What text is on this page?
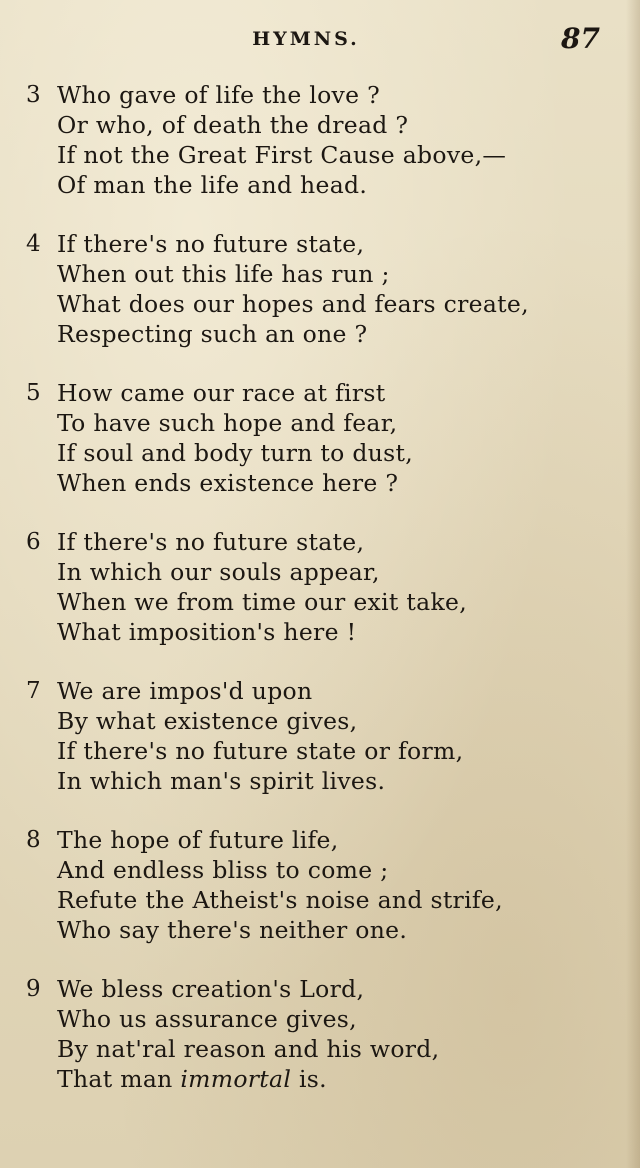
HYMNS.	87
3 Who gave of life the love ?
Or who, of death the dread ?
If not the Great First Cause above,—
Of man the life and head.
4 If there's no future state,
When out this life has run ;
What does our hopes and fears create,
Respecting such an one ?
5 How came our race at first
To have such hope and fear,
If soul and body turn to dust,
When ends existence here ?
6 If there's no future state,
In which our souls appear,
When we from time our exit take,
What imposition's here !
7 We are impos'd upon
By what existence gives,
If there's no future state or form,
In which man's spirit lives.
8 The hope of future life,
And endless bliss to come ;
Refute the Atheist's noise and strife,
Who say there's neither one.
9 We bless creation's Lord,
Who us assurance gives,
By nat'ral reason and his word,
That man immortal is.
